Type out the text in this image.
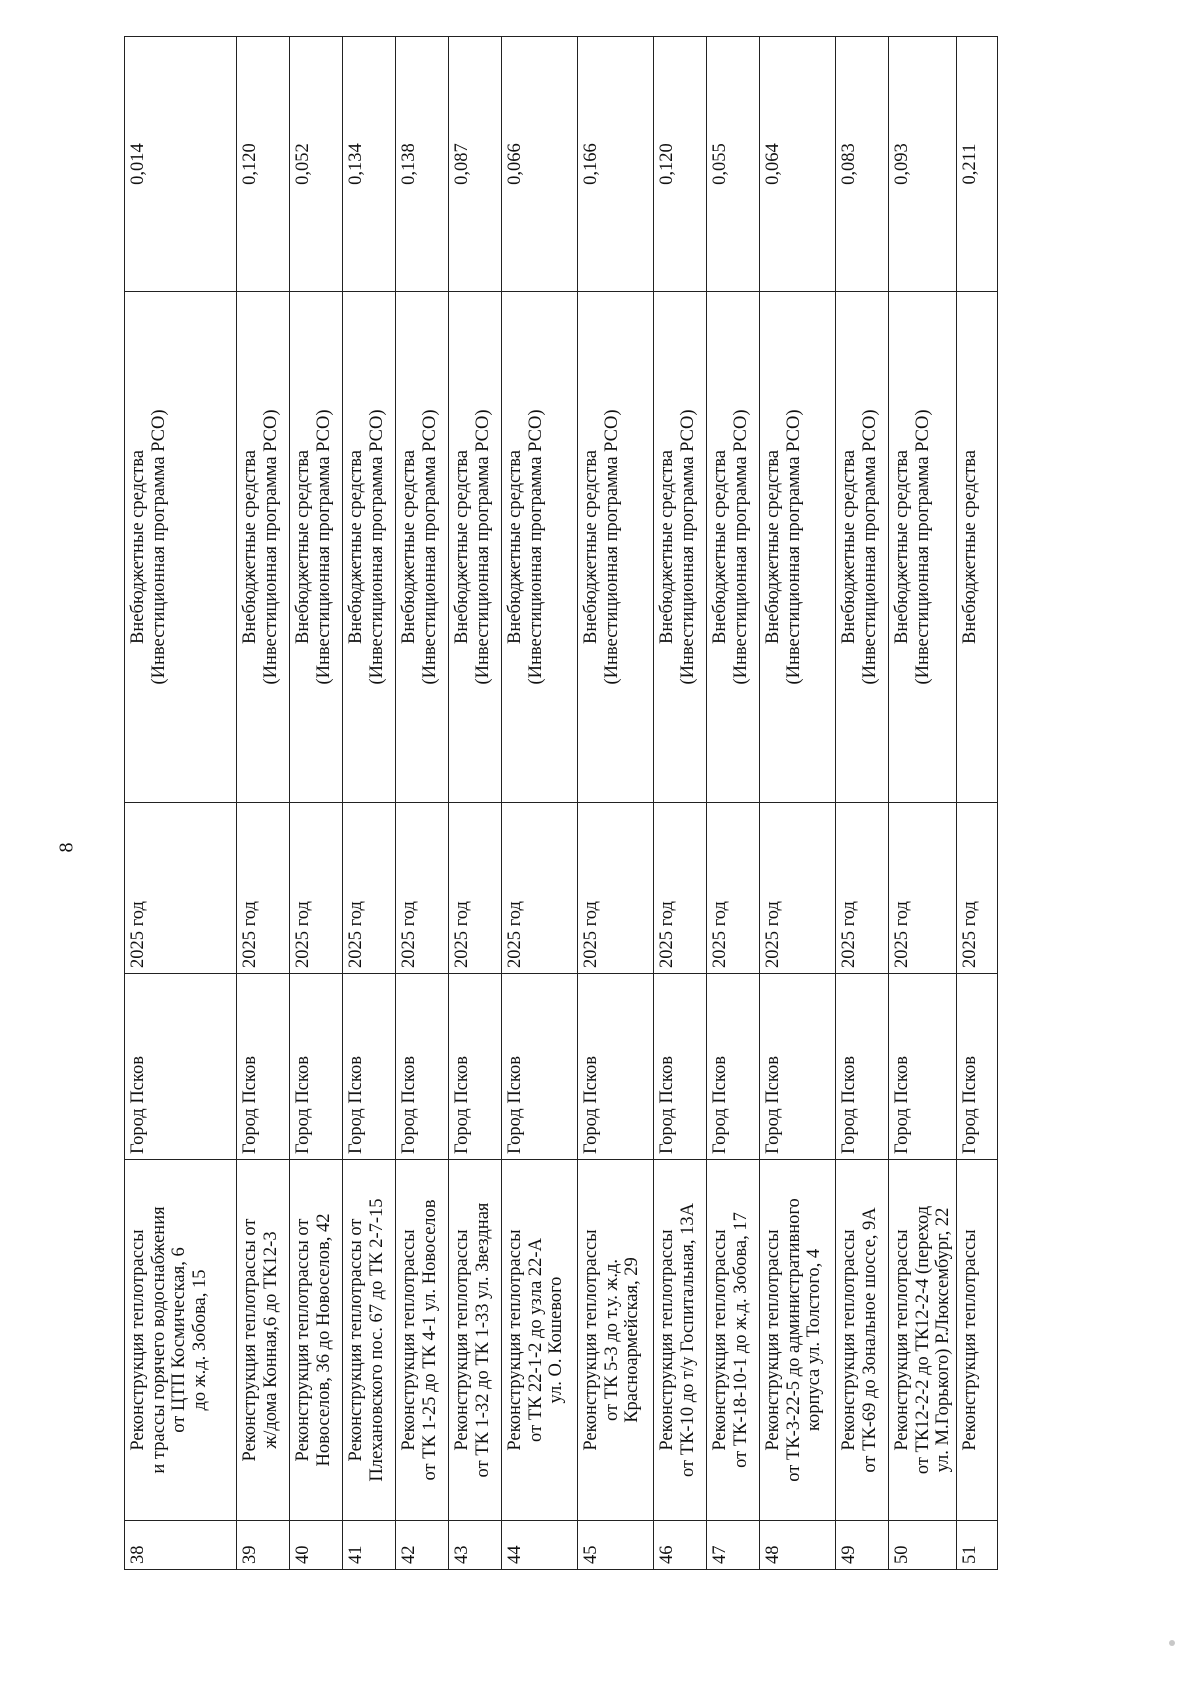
8
38	Реконструкция теплотрассы и трассы горячего водоснабжения от ЦТП Космическая, 6 до ж.д. Зобова, 15	Город Псков	2025 год	Внебюджетные средства (Инвестиционная программа РСО)	0,014
39	Реконструкция теплотрассы от ж/дома Конная,6 до ТК12-3	Город Псков	2025 год	Внебюджетные средства (Инвестиционная программа РСО)	0,120
40	Реконструкция теплотрассы от Новоселов, 36 до Новоселов, 42	Город Псков	2025 год	Внебюджетные средства (Инвестиционная программа РСО)	0,052
41	Реконструкция теплотрассы от Плехановского пос. 67 до ТК 2-7-15	Город Псков	2025 год	Внебюджетные средства (Инвестиционная программа РСО)	0,134
42	Реконструкция теплотрассы от ТК 1-25 до ТК 4-1 ул. Новоселов	Город Псков	2025 год	Внебюджетные средства (Инвестиционная программа РСО)	0,138
43	Реконструкция теплотрассы от ТК 1-32 до ТК 1-33 ул. Звездная	Город Псков	2025 год	Внебюджетные средства (Инвестиционная программа РСО)	0,087
44	Реконструкция теплотрассы от ТК 22-1-2 до узла 22-А ул. О. Кошевого	Город Псков	2025 год	Внебюджетные средства (Инвестиционная программа РСО)	0,066
45	Реконструкция теплотрассы от ТК 5-3 до т.у. ж.д. Красноармейская, 29	Город Псков	2025 год	Внебюджетные средства (Инвестиционная программа РСО)	0,166
46	Реконструкция теплотрассы от ТК-10 до т/у Госпитальная, 13А	Город Псков	2025 год	Внебюджетные средства (Инвестиционная программа РСО)	0,120
47	Реконструкция теплотрассы от ТК-18-10-1 до ж.д. Зобова, 17	Город Псков	2025 год	Внебюджетные средства (Инвестиционная программа РСО)	0,055
48	Реконструкция теплотрассы от ТК-3-22-5 до административного корпуса ул. Толстого, 4	Город Псков	2025 год	Внебюджетные средства (Инвестиционная программа РСО)	0,064
49	Реконструкция теплотрассы от ТК-69 до Зональное шоссе, 9А	Город Псков	2025 год	Внебюджетные средства (Инвестиционная программа РСО)	0,083
50	Реконструкция теплотрассы от ТК12-2-2 до ТК12-2-4 (переход ул. М.Горького) Р.Люксембург, 22	Город Псков	2025 год	Внебюджетные средства (Инвестиционная программа РСО)	0,093
51	Реконструкция теплотрассы	Город Псков	2025 год	Внебюджетные средства	0,211
